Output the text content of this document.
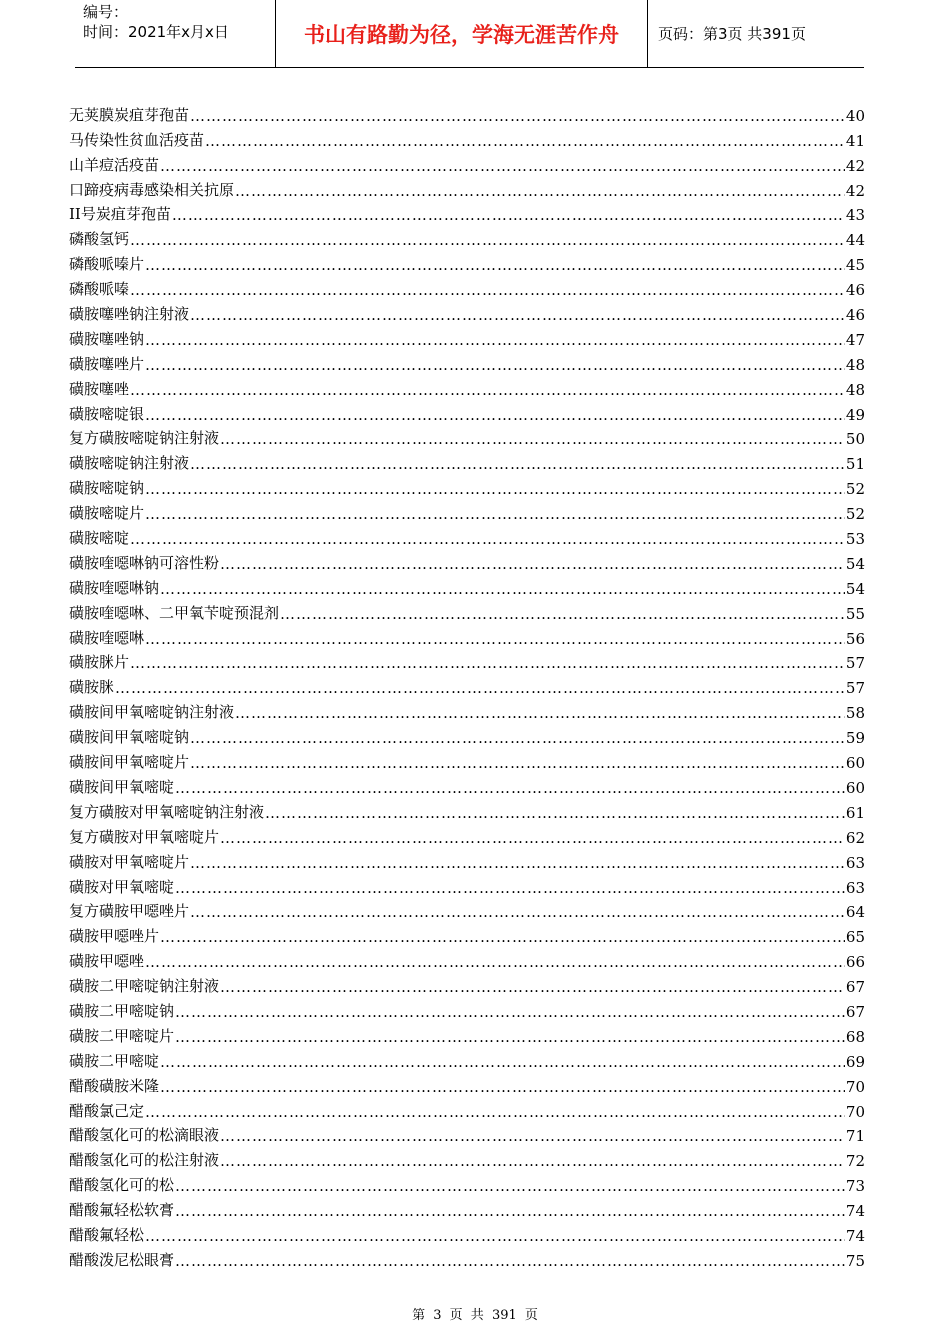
编号：
时间：2021年x月x日	书山有路勤为径，学海无涯苦作舟	页码：第3页 共391页
无荚膜炭疽芽孢苗 …………………………………………………………………………………………………………………………………………………………………………………………	40
马传染性贫血活疫苗 …………………………………………………………………………………………………………………………………………………………………………………………	41
山羊痘活疫苗 …………………………………………………………………………………………………………………………………………………………………………………………	42
口蹄疫病毒感染相关抗原 …………………………………………………………………………………………………………………………………………………………………………………………	42
II号炭疽芽孢苗 …………………………………………………………………………………………………………………………………………………………………………………………	43
磷酸氢钙 …………………………………………………………………………………………………………………………………………………………………………………………	44
磷酸哌嗪片 …………………………………………………………………………………………………………………………………………………………………………………………	45
磷酸哌嗪 …………………………………………………………………………………………………………………………………………………………………………………………	46
磺胺噻唑钠注射液 …………………………………………………………………………………………………………………………………………………………………………………………	46
磺胺噻唑钠 …………………………………………………………………………………………………………………………………………………………………………………………	47
磺胺噻唑片 …………………………………………………………………………………………………………………………………………………………………………………………	48
磺胺噻唑 …………………………………………………………………………………………………………………………………………………………………………………………	48
磺胺嘧啶银 …………………………………………………………………………………………………………………………………………………………………………………………	49
复方磺胺嘧啶钠注射液 …………………………………………………………………………………………………………………………………………………………………………………………	50
磺胺嘧啶钠注射液 …………………………………………………………………………………………………………………………………………………………………………………………	51
磺胺嘧啶钠 …………………………………………………………………………………………………………………………………………………………………………………………	52
磺胺嘧啶片 …………………………………………………………………………………………………………………………………………………………………………………………	52
磺胺嘧啶 …………………………………………………………………………………………………………………………………………………………………………………………	53
磺胺喹噁啉钠可溶性粉 …………………………………………………………………………………………………………………………………………………………………………………………	54
磺胺喹噁啉钠 …………………………………………………………………………………………………………………………………………………………………………………………	54
磺胺喹噁啉、二甲氧苄啶预混剂 …………………………………………………………………………………………………………………………………………………………………………………………	55
磺胺喹噁啉 …………………………………………………………………………………………………………………………………………………………………………………………	56
磺胺脒片 …………………………………………………………………………………………………………………………………………………………………………………………	57
磺胺脒 …………………………………………………………………………………………………………………………………………………………………………………………	57
磺胺间甲氧嘧啶钠注射液 …………………………………………………………………………………………………………………………………………………………………………………………	58
磺胺间甲氧嘧啶钠 …………………………………………………………………………………………………………………………………………………………………………………………	59
磺胺间甲氧嘧啶片 …………………………………………………………………………………………………………………………………………………………………………………………	60
磺胺间甲氧嘧啶 …………………………………………………………………………………………………………………………………………………………………………………………	60
复方磺胺对甲氧嘧啶钠注射液 …………………………………………………………………………………………………………………………………………………………………………………………	61
复方磺胺对甲氧嘧啶片 …………………………………………………………………………………………………………………………………………………………………………………………	62
磺胺对甲氧嘧啶片 …………………………………………………………………………………………………………………………………………………………………………………………	63
磺胺对甲氧嘧啶 …………………………………………………………………………………………………………………………………………………………………………………………	63
复方磺胺甲噁唑片 …………………………………………………………………………………………………………………………………………………………………………………………	64
磺胺甲噁唑片 …………………………………………………………………………………………………………………………………………………………………………………………	65
磺胺甲噁唑 …………………………………………………………………………………………………………………………………………………………………………………………	66
磺胺二甲嘧啶钠注射液 …………………………………………………………………………………………………………………………………………………………………………………………	67
磺胺二甲嘧啶钠 …………………………………………………………………………………………………………………………………………………………………………………………	67
磺胺二甲嘧啶片 …………………………………………………………………………………………………………………………………………………………………………………………	68
磺胺二甲嘧啶 …………………………………………………………………………………………………………………………………………………………………………………………	69
醋酸磺胺米隆 …………………………………………………………………………………………………………………………………………………………………………………………	70
醋酸氯己定 …………………………………………………………………………………………………………………………………………………………………………………………	70
醋酸氢化可的松滴眼液 …………………………………………………………………………………………………………………………………………………………………………………………	71
醋酸氢化可的松注射液 …………………………………………………………………………………………………………………………………………………………………………………………	72
醋酸氢化可的松 …………………………………………………………………………………………………………………………………………………………………………………………	73
醋酸氟轻松软膏 …………………………………………………………………………………………………………………………………………………………………………………………	74
醋酸氟轻松 …………………………………………………………………………………………………………………………………………………………………………………………	74
醋酸泼尼松眼膏 …………………………………………………………………………………………………………………………………………………………………………………………	75
第 3 页 共 391 页
